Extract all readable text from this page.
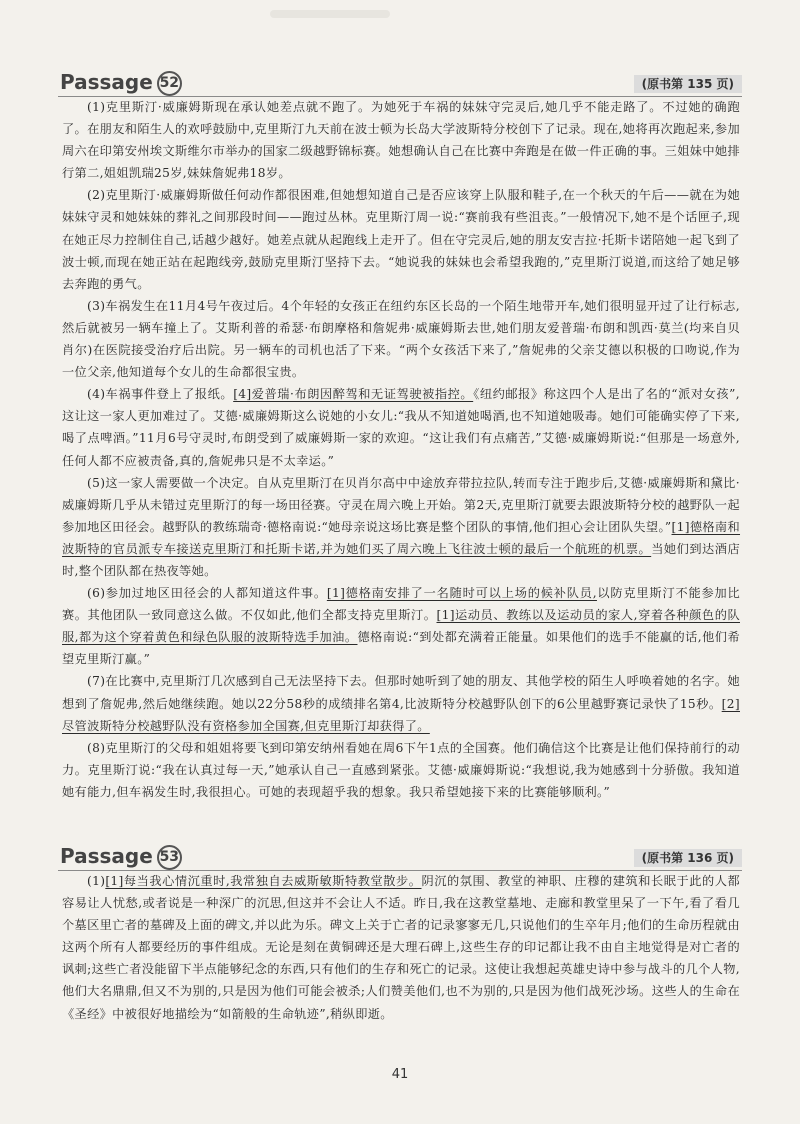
Passage 52	(原书第 135 页)

(1)克里斯汀·威廉姆斯现在承认她差点就不跑了。为她死于车祸的妹妹守完灵后,她几乎不能走路了。不过她的确跑了。在朋友和陌生人的欢呼鼓励中,克里斯汀九天前在波士顿为长岛大学波斯特分校创下了记录。现在,她将再次跑起来,参加周六在印第安州埃文斯维尔市举办的国家二级越野锦标赛。她想确认自己在比赛中奔跑是在做一件正确的事。三姐妹中她排行第二,姐姐凯瑞25岁,妹妹詹妮弗18岁。

(2)克里斯汀·威廉姆斯做任何动作都很困难,但她想知道自己是否应该穿上队服和鞋子,在一个秋天的午后——就在为她妹妹守灵和她妹妹的葬礼之间那段时间——跑过丛林。克里斯汀周一说:“赛前我有些沮丧。”一般情况下,她不是个话匣子,现在她正尽力控制住自己,话越少越好。她差点就从起跑线上走开了。但在守完灵后,她的朋友安吉拉·托斯卡诺陪她一起飞到了波士顿,而现在她正站在起跑线旁,鼓励克里斯汀坚持下去。“她说我的妹妹也会希望我跑的,”克里斯汀说道,而这给了她足够去奔跑的勇气。

(3)车祸发生在11月4号午夜过后。4个年轻的女孩正在纽约东区长岛的一个陌生地带开车,她们很明显开过了让行标志,然后就被另一辆车撞上了。艾斯利普的希瑟·布朗摩格和詹妮弗·威廉姆斯去世,她们朋友爱普瑞·布朗和凯西·莫兰(均来自贝肖尔)在医院接受治疗后出院。另一辆车的司机也活了下来。“两个女孩活下来了,”詹妮弗的父亲艾德以积极的口吻说,作为一位父亲,他知道每个女儿的生命都很宝贵。

(4)车祸事件登上了报纸。[4]爱普瑞·布朗因醉驾和无证驾驶被指控。《纽约邮报》称这四个人是出了名的“派对女孩”,这让这一家人更加难过了。艾德·威廉姆斯这么说她的小女儿:“我从不知道她喝酒,也不知道她吸毒。她们可能确实停了下来,喝了点啤酒。”11月6号守灵时,布朗受到了威廉姆斯一家的欢迎。“这让我们有点痛苦,”艾德·威廉姆斯说:“但那是一场意外,任何人都不应被责备,真的,詹妮弗只是不太幸运。”

(5)这一家人需要做一个决定。自从克里斯汀在贝肖尔高中中途放弃带拉拉队,转而专注于跑步后,艾德·威廉姆斯和黛比·威廉姆斯几乎从未错过克里斯汀的每一场田径赛。守灵在周六晚上开始。第2天,克里斯汀就要去跟波斯特分校的越野队一起参加地区田径会。越野队的教练瑞奇·德格南说:“她母亲说这场比赛是整个团队的事情,他们担心会让团队失望。”[1]德格南和波斯特的官员派专车接送克里斯汀和托斯卡诺,并为她们买了周六晚上飞往波士顿的最后一个航班的机票。当她们到达酒店时,整个团队都在热夜等她。

(6)参加过地区田径会的人都知道这件事。[1]德格南安排了一名随时可以上场的候补队员,以防克里斯汀不能参加比赛。其他团队一致同意这么做。不仅如此,他们全都支持克里斯汀。[1]运动员、教练以及运动员的家人,穿着各种颜色的队服,都为这个穿着黄色和绿色队服的波斯特选手加油。德格南说:“到处都充满着正能量。如果他们的选手不能赢的话,他们希望克里斯汀赢。”

(7)在比赛中,克里斯汀几次感到自己无法坚持下去。但那时她听到了她的朋友、其他学校的陌生人呼唤着她的名字。她想到了詹妮弗,然后她继续跑。她以22分58秒的成绩排名第4,比波斯特分校越野队创下的6公里越野赛记录快了15秒。[2]尽管波斯特分校越野队没有资格参加全国赛,但克里斯汀却获得了。

(8)克里斯汀的父母和姐姐将要飞到印第安纳州看她在周6下午1点的全国赛。他们确信这个比赛是让他们保持前行的动力。克里斯汀说:“我在认真过每一天,”她承认自己一直感到紧张。艾德·威廉姆斯说:“我想说,我为她感到十分骄傲。我知道她有能力,但车祸发生时,我很担心。可她的表现超乎我的想象。我只希望她接下来的比赛能够顺利。”

Passage 53	(原书第 136 页)

(1)[1]每当我心情沉重时,我常独自去威斯敏斯特教堂散步。阴沉的氛围、教堂的神职、庄穆的建筑和长眠于此的人都容易让人忧愁,或者说是一种深广的沉思,但这并不会让人不适。昨日,我在这教堂墓地、走廊和教堂里呆了一下午,看了看几个墓区里亡者的墓碑及上面的碑文,并以此为乐。碑文上关于亡者的记录寥寥无几,只说他们的生卒年月;他们的生命历程就由这两个所有人都要经历的事件组成。无论是刻在黄铜碑还是大理石碑上,这些生存的印记都让我不由自主地觉得是对亡者的讽刺;这些亡者没能留下半点能够纪念的东西,只有他们的生存和死亡的记录。这使让我想起英雄史诗中参与战斗的几个人物,他们大名鼎鼎,但又不为别的,只是因为他们可能会被杀;人们赞美他们,也不为别的,只是因为他们战死沙场。这些人的生命在《圣经》中被很好地描绘为“如箭般的生命轨迹”,稍纵即逝。

41
